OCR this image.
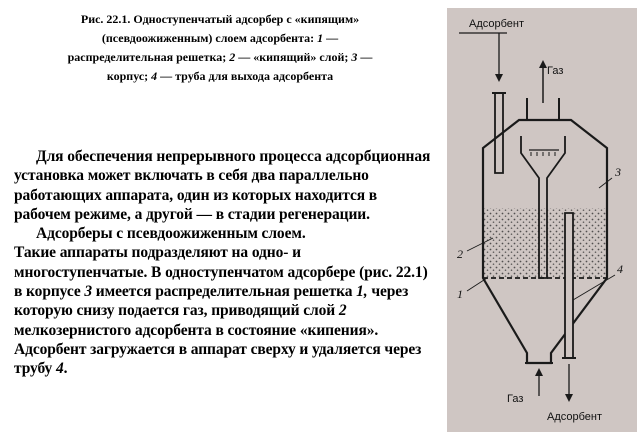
Рис. 22.1. Одноступенчатый адсорбер с «кипящим»
(псевдоожиженным) слоем адсорбента: 1 —
распределительная решетка; 2 — «кипящий» слой; 3 —
корпус; 4 — труба для выхода адсорбента

Для обеспечения непрерывного процесса адсорбционная установка может включать в себя два параллельно работающих аппарата, один из которых находится в рабочем режиме, а другой — в стадии регенерации.

Адсорберы с псевдоожиженным слоем.

Такие аппараты подразделяют на одно- и многоступенчатые. В одноступенчатом адсорбере (рис. 22.1) в корпусе 3 имеется распределительная решетка 1, через которую снизу подается газ, приводящий слой 2 мелкозернистого адсорбента в состояние «кипения». Адсорбент загружается в аппарат сверху и удаляется через трубу 4.

Адсорбент
Газ
Газ
Адсорбент
1
2
3
4
